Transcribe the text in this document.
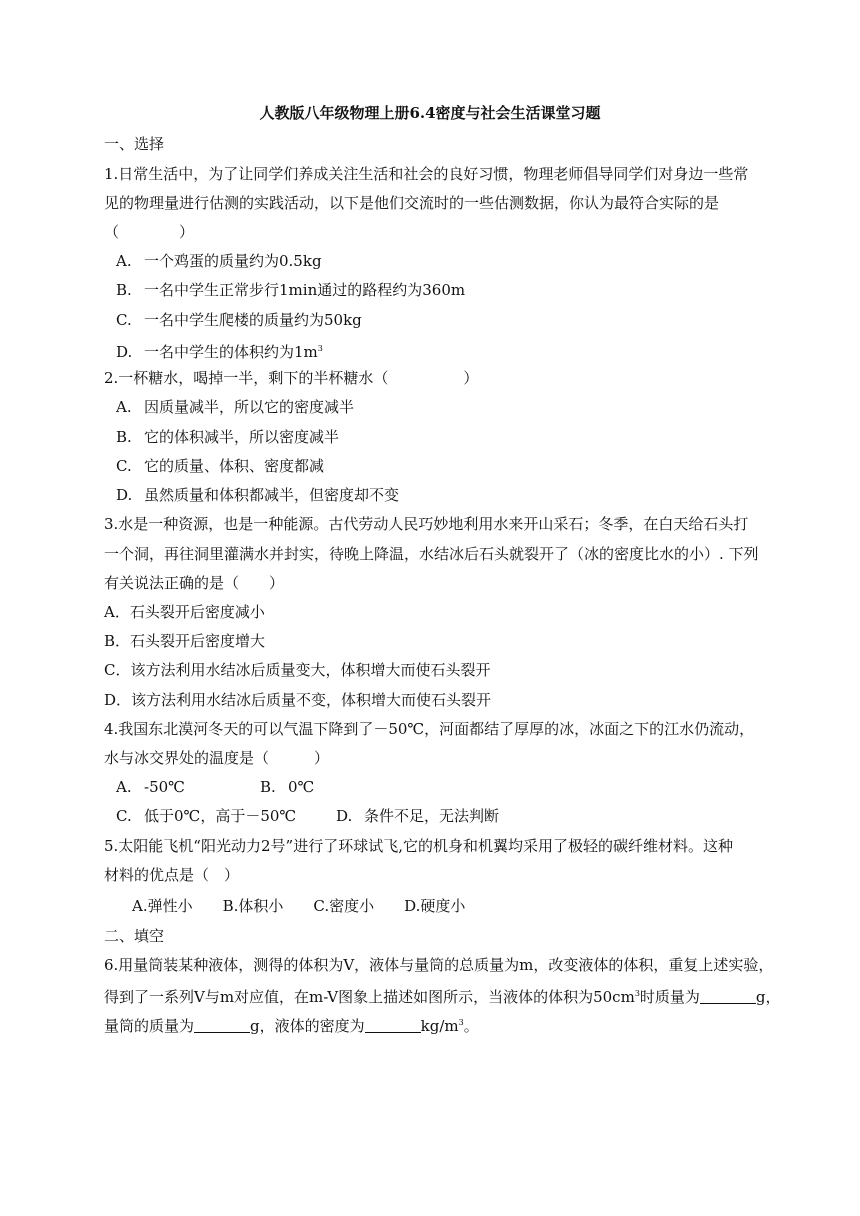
人教版八年级物理上册6.4密度与社会生活课堂习题
一、选择
1.日常生活中，为了让同学们养成关注生活和社会的良好习惯，物理老师倡导同学们对身边一些常
见的物理量进行估测的实践活动，以下是他们交流时的一些估测数据，你认为最符合实际的是
（　　　　）
A. 一个鸡蛋的质量约为0.5kg
B. 一名中学生正常步行1min通过的路程约为360m
C. 一名中学生爬楼的质量约为50kg
D. 一名中学生的体积约为$1m^3$
2.一杯糖水，喝掉一半，剩下的半杯糖水（　　　　　）
A. 因质量减半，所以它的密度减半
B. 它的体积减半，所以密度减半
C. 它的质量、体积、密度都减
D. 虽然质量和体积都减半，但密度却不变
3.水是一种资源，也是一种能源。古代劳动人民巧妙地利用水来开山采石；冬季，在白天给石头打
一个洞，再往洞里灌满水并封实，待晚上降温，水结冰后石头就裂开了（冰的密度比水的小）. 下列
有关说法正确的是（　　）
A．石头裂开后密度减小
B．石头裂开后密度增大
C．该方法利用水结冰后质量变大，体积增大而使石头裂开
D．该方法利用水结冰后质量不变，体积增大而使石头裂开
4.我国东北漠河冬天的可以气温下降到了－50℃，河面都结了厚厚的冰，冰面之下的江水仍流动，
水与冰交界处的温度是（　　　）
A. -50℃	B. 0℃
C. 低于0℃，高于－50℃	D. 条件不足，无法判断
5.太阳能飞机“阳光动力2号”进行了环球试飞,它的机身和机翼均采用了极轻的碳纤维材料。这种
材料的优点是（　）
A.弹性小　　B.体积小　　C.密度小　　D.硬度小
二、填空
6.用量筒装某种液体，测得的体积为V，液体与量筒的总质量为m，改变液体的体积，重复上述实验，
得到了一系列V与m对应值，在m-V图象上描述如图所示，当液体的体积为$50cm^3$时质量为	g，
量筒的质量为	g，液体的密度为	$kg/m^3$。
